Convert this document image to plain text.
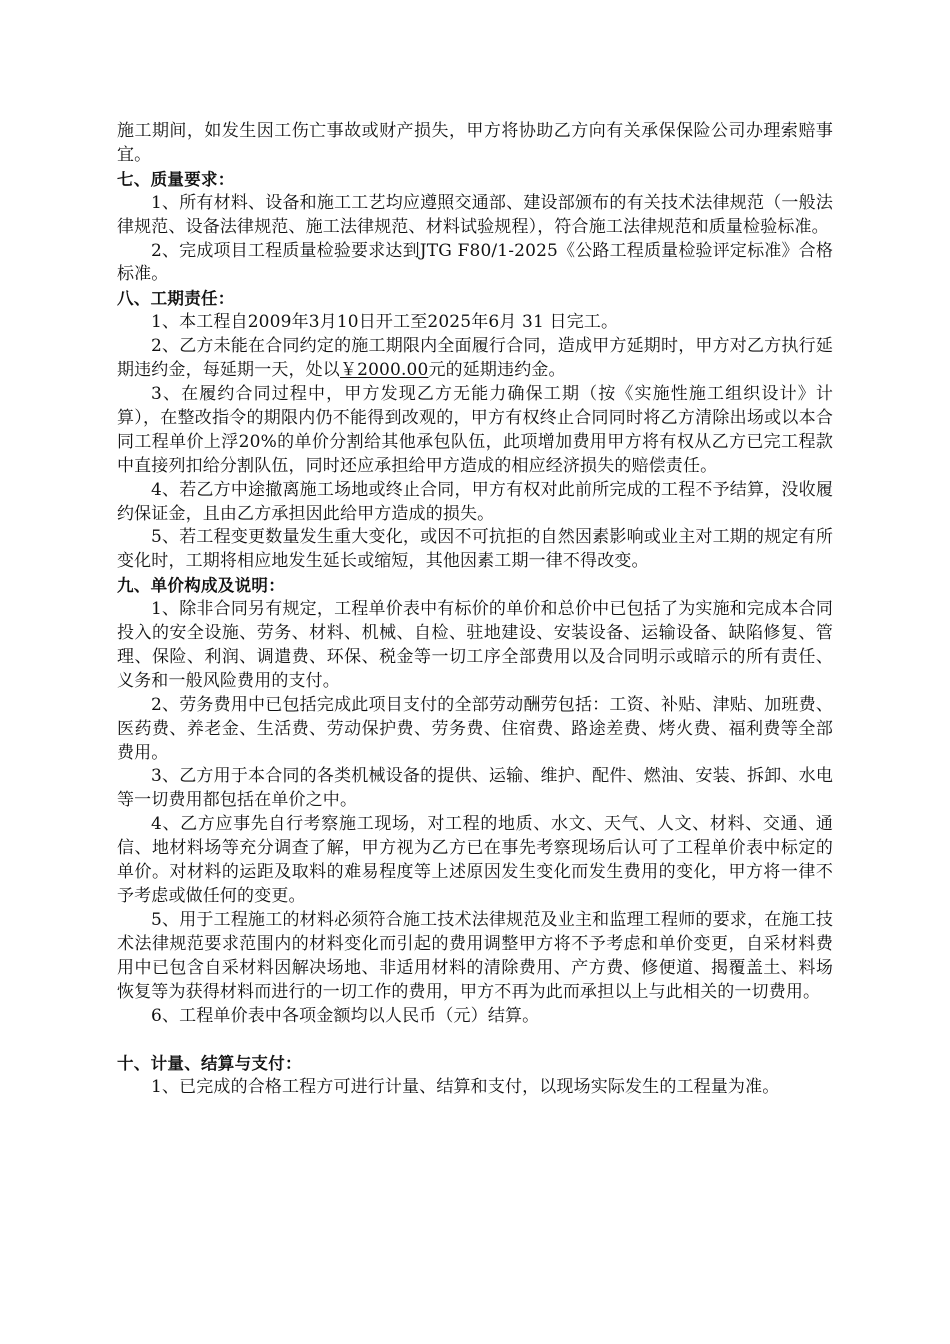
施工期间，如发生因工伤亡事故或财产损失，甲方将协助乙方向有关承保保险公司办理索赔事宜。

七、质量要求：

1、所有材料、设备和施工工艺均应遵照交通部、建设部颁布的有关技术法律规范（一般法律规范、设备法律规范、施工法律规范、材料试验规程），符合施工法律规范和质量检验标准。

2、完成项目工程质量检验要求达到JTG F80/1-2025《公路工程质量检验评定标准》合格标准。

八、工期责任：

1、本工程自2009年3月10日开工至2025年6月 31 日完工。

2、乙方未能在合同约定的施工期限内全面履行合同，造成甲方延期时，甲方对乙方执行延期违约金，每延期一天，处以￥2000.00元的延期违约金。

3、在履约合同过程中，甲方发现乙方无能力确保工期（按《实施性施工组织设计》计算），在整改指令的期限内仍不能得到改观的，甲方有权终止合同同时将乙方清除出场或以本合同工程单价上浮20%的单价分割给其他承包队伍，此项增加费用甲方将有权从乙方已完工程款中直接列扣给分割队伍，同时还应承担给甲方造成的相应经济损失的赔偿责任。

4、若乙方中途撤离施工场地或终止合同，甲方有权对此前所完成的工程不予结算，没收履约保证金，且由乙方承担因此给甲方造成的损失。

5、若工程变更数量发生重大变化，或因不可抗拒的自然因素影响或业主对工期的规定有所变化时，工期将相应地发生延长或缩短，其他因素工期一律不得改变。

九、单价构成及说明：

1、除非合同另有规定，工程单价表中有标价的单价和总价中已包括了为实施和完成本合同投入的安全设施、劳务、材料、机械、自检、驻地建设、安装设备、运输设备、缺陷修复、管理、保险、利润、调遣费、环保、税金等一切工序全部费用以及合同明示或暗示的所有责任、义务和一般风险费用的支付。

2、劳务费用中已包括完成此项目支付的全部劳动酬劳包括：工资、补贴、津贴、加班费、医药费、养老金、生活费、劳动保护费、劳务费、住宿费、路途差费、烤火费、福利费等全部费用。

3、乙方用于本合同的各类机械设备的提供、运输、维护、配件、燃油、安装、拆卸、水电等一切费用都包括在单价之中。

4、乙方应事先自行考察施工现场，对工程的地质、水文、天气、人文、材料、交通、通信、地材料场等充分调查了解，甲方视为乙方已在事先考察现场后认可了工程单价表中标定的单价。对材料的运距及取料的难易程度等上述原因发生变化而发生费用的变化，甲方将一律不予考虑或做任何的变更。

5、用于工程施工的材料必须符合施工技术法律规范及业主和监理工程师的要求，在施工技术法律规范要求范围内的材料变化而引起的费用调整甲方将不予考虑和单价变更，自采材料费用中已包含自采材料因解决场地、非适用材料的清除费用、产方费、修便道、揭覆盖土、料场恢复等为获得材料而进行的一切工作的费用，甲方不再为此而承担以上与此相关的一切费用。

6、工程单价表中各项金额均以人民币（元）结算。

十、计量、结算与支付：

1、已完成的合格工程方可进行计量、结算和支付，以现场实际发生的工程量为准。
